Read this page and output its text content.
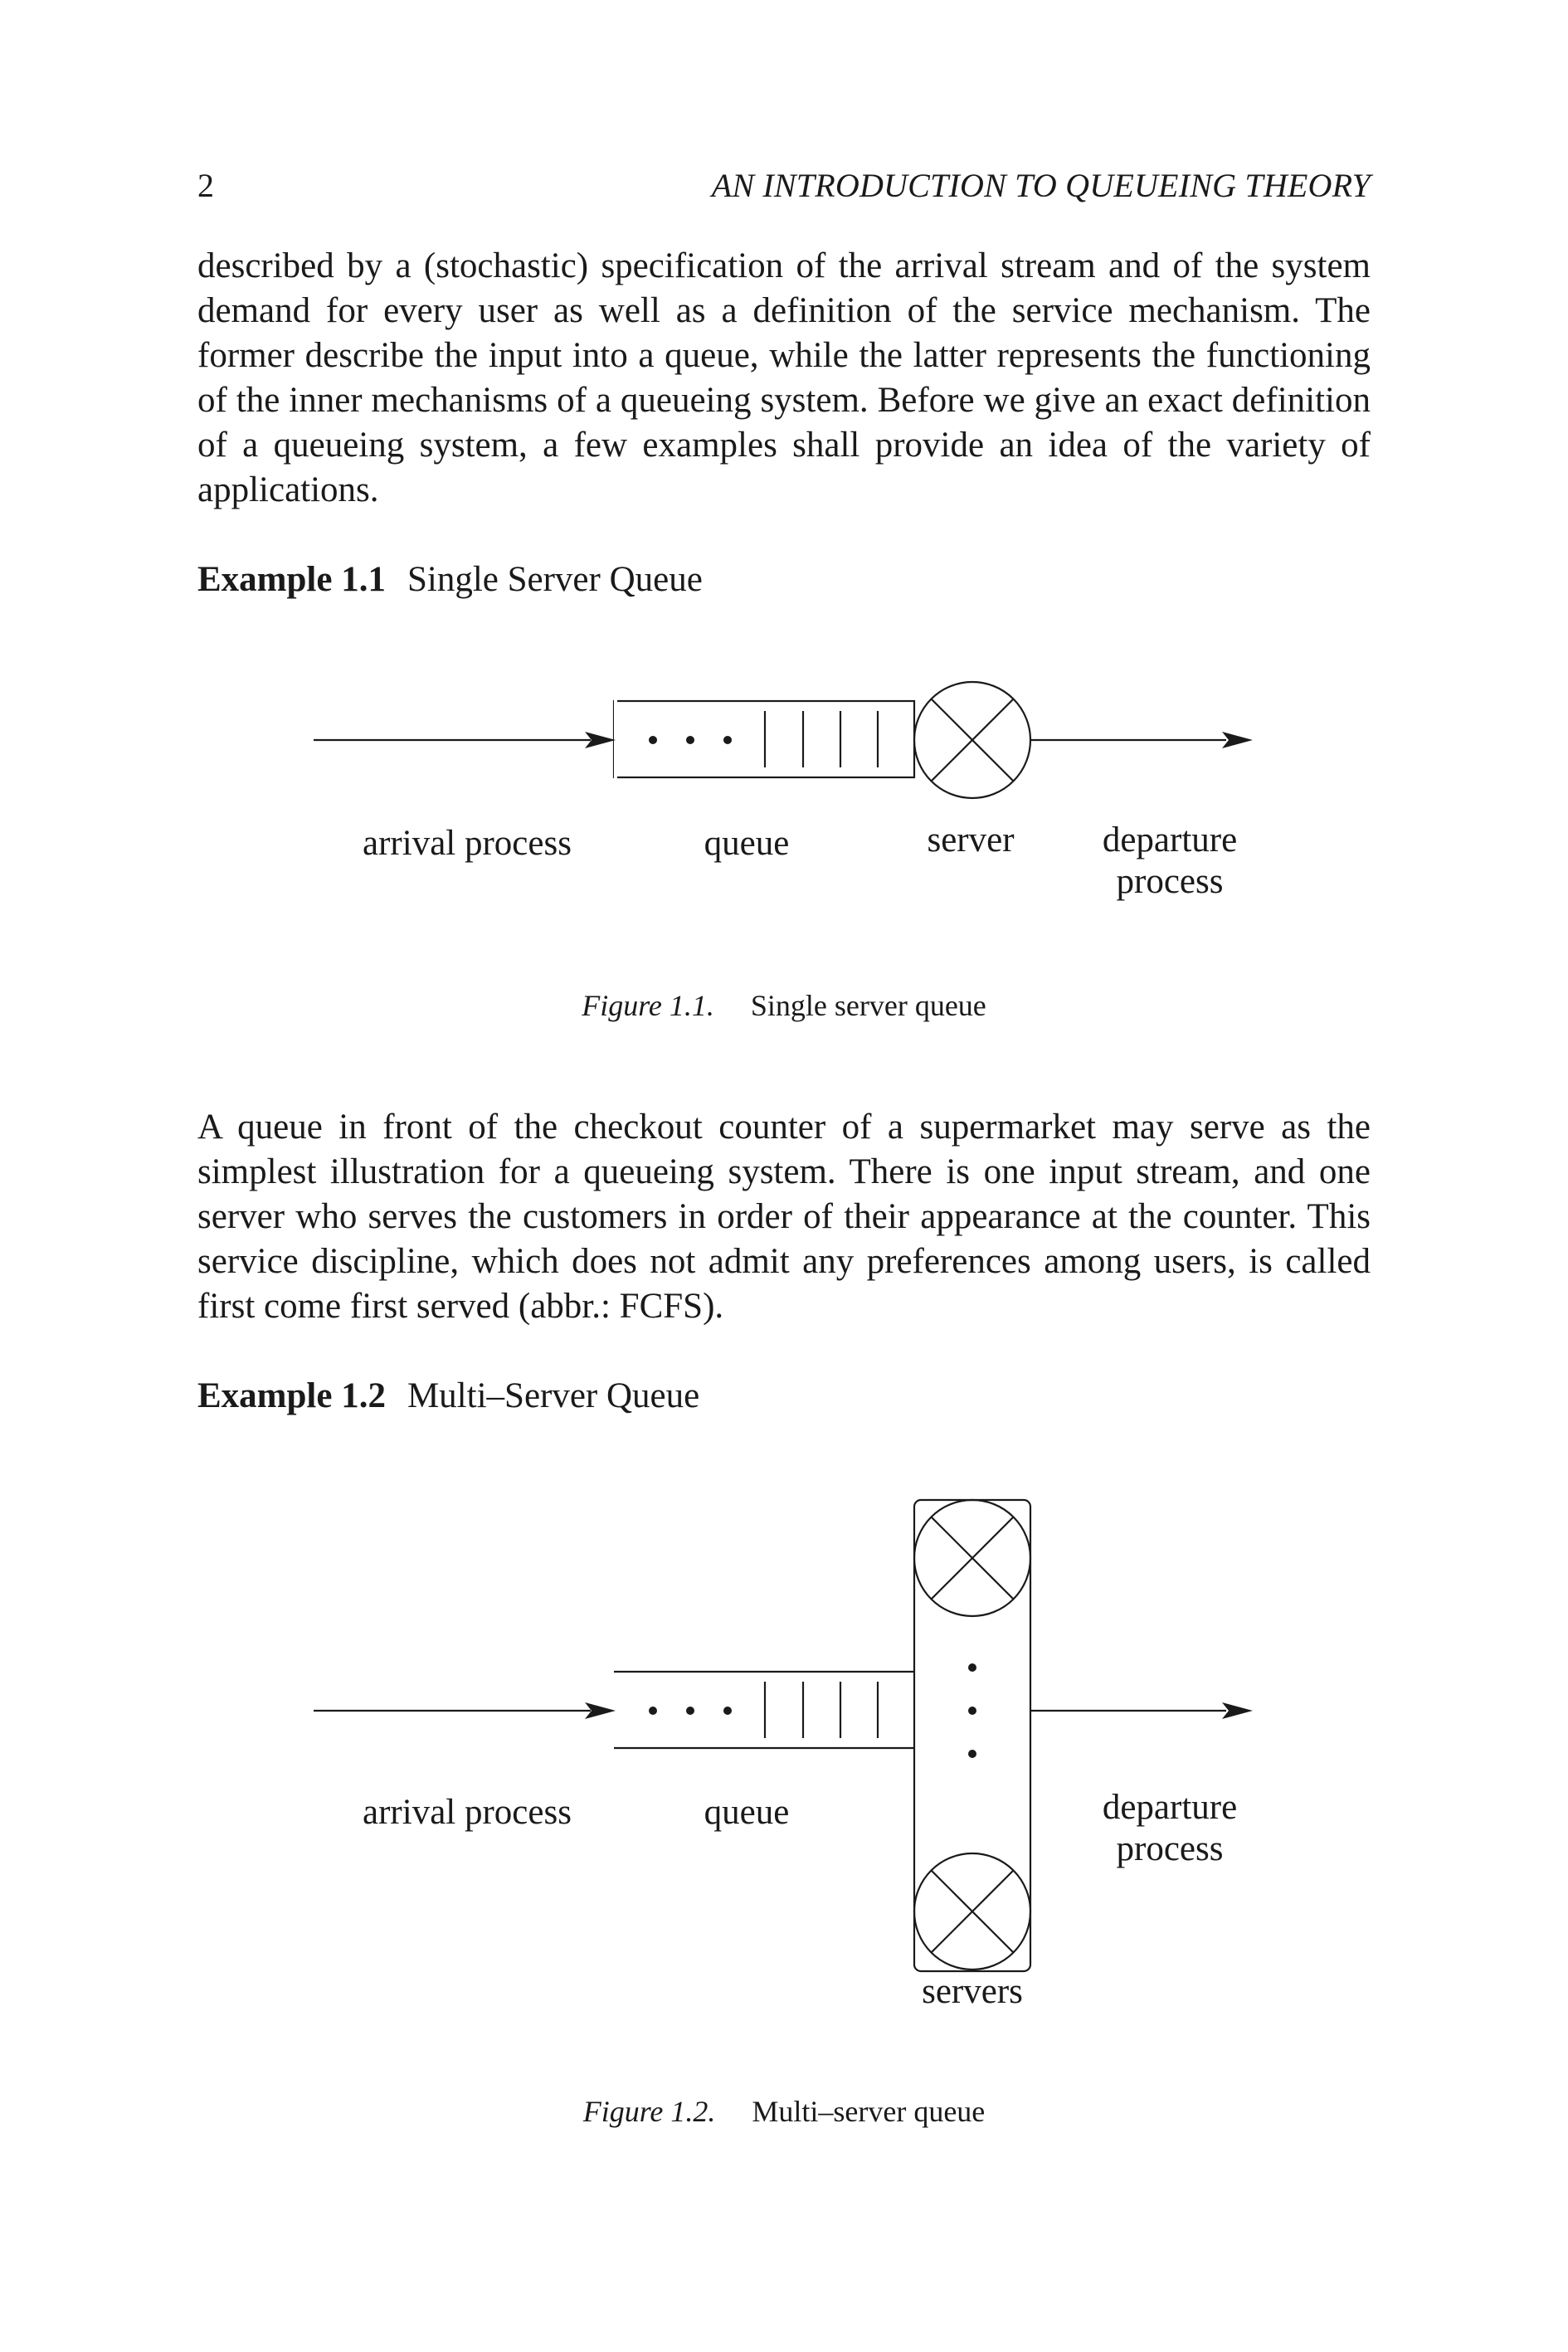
2	AN INTRODUCTION TO QUEUEING THEORY

described by a (stochastic) specification of the arrival stream and of the system demand for every user as well as a definition of the service mechanism. The former describe the input into a queue, while the latter represents the functioning of the inner mechanisms of a queueing system. Before we give an exact definition of a queueing system, a few examples shall provide an idea of the variety of applications.

Example 1.1 Single Server Queue
arrival process	queue	server	departure
process
Figure 1.1. Single server queue

A queue in front of the checkout counter of a supermarket may serve as the simplest illustration for a queueing system. There is one input stream, and one server who serves the customers in order of their appearance at the counter. This service discipline, which does not admit any preferences among users, is called first come first served (abbr.: FCFS).

Example 1.2 Multi–Server Queue
arrival process	queue	departure
process
servers
Figure 1.2. Multi–server queue
